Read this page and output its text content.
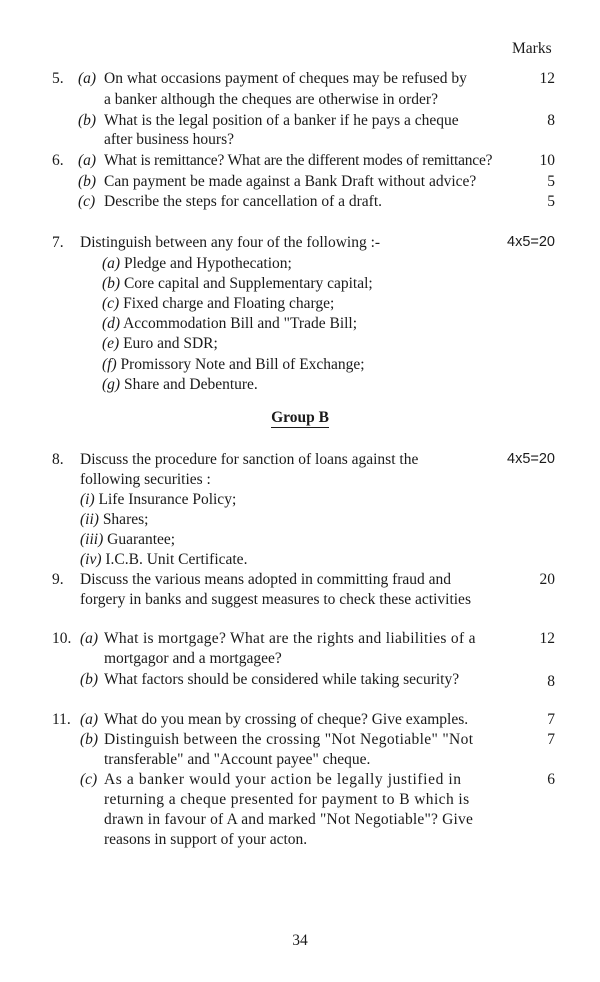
Marks
5. (a) On what occasions payment of cheques may be refused by	12
a banker although the cheques are otherwise in order?
(b) What is the legal position of a banker if he pays a cheque	8
after business hours?
6. (a) What is remittance? What are the different modes of remittance?	10
(b) Can payment be made against a Bank Draft without advice?	5
(c) Describe the steps for cancellation of a draft.	5
7. Distinguish between any four of the following :-	4x5=20
(a) Pledge and Hypothecation;
(b) Core capital and Supplementary capital;
(c) Fixed charge and Floating charge;
(d) Accommodation Bill and "Trade Bill;
(e) Euro and SDR;
(f) Promissory Note and Bill of Exchange;
(g) Share and Debenture.
Group B
8. Discuss the procedure for sanction of loans against the	4x5=20
following securities :
(i) Life Insurance Policy;
(ii) Shares;
(iii) Guarantee;
(iv) I.C.B. Unit Certificate.
9. Discuss the various means adopted in committing fraud and	20
forgery in banks and suggest measures to check these activities
10. (a) What is mortgage? What are the rights and liabilities of a	12
mortgagor and a mortgagee?
(b) What factors should be considered while taking security?	8
11. (a) What do you mean by crossing of cheque? Give examples.	7
(b) Distinguish between the crossing "Not Negotiable" "Not	7
transferable" and "Account payee" cheque.
(c) As a banker would your action be legally justified in	6
returning a cheque presented for payment to B which is
drawn in favour of A and marked "Not Negotiable"? Give
reasons in support of your acton.
34
